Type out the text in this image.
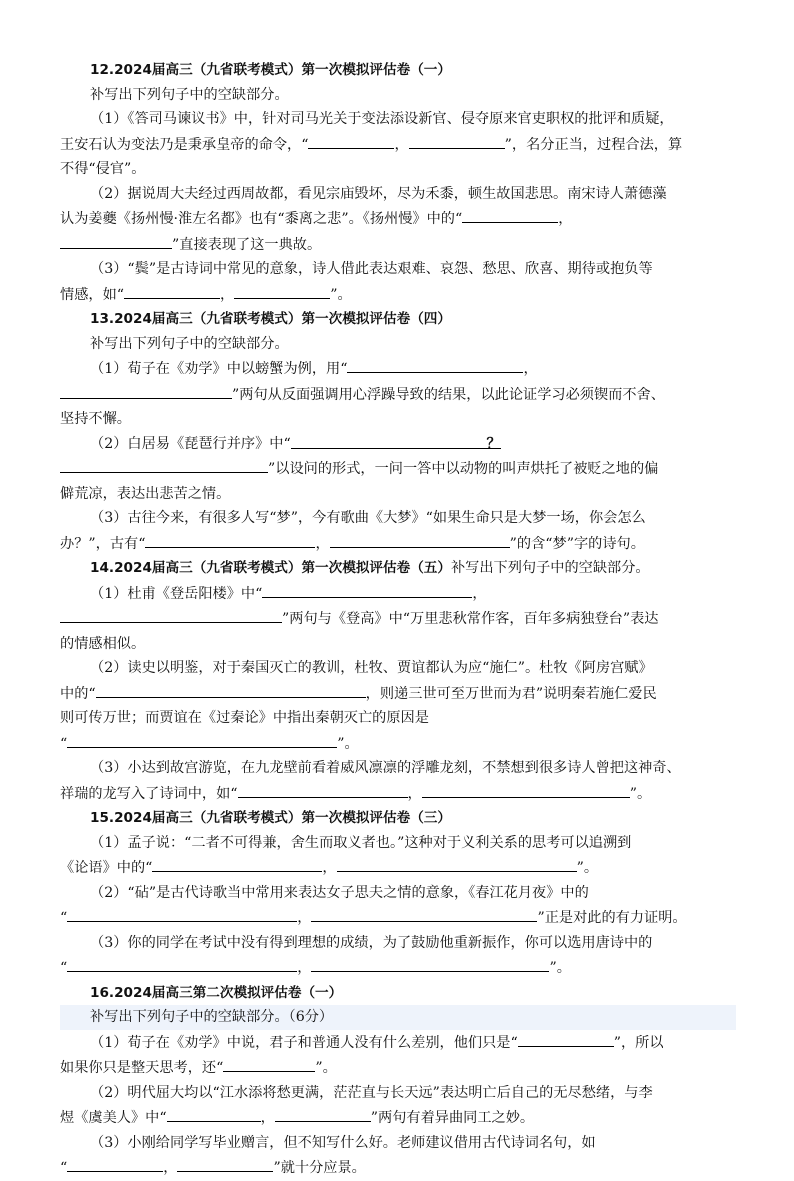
12.2024届高三（九省联考模式）第一次模拟评估卷（一）

补写出下列句子中的空缺部分。

（1）《答司马谏议书》中，针对司马光关于变法添设新官、侵夺原来官吏职权的批评和质疑，

王安石认为变法乃是秉承皇帝的命令，“	，	”，名分正当，过程合法，算

不得“侵官”。

（2）据说周大夫经过西周故都，看见宗庙毁坏，尽为禾黍，顿生故国悲思。南宋诗人萧德藻

认为姜夔《扬州慢·淮左名都》也有“黍离之悲”。《扬州慢》中的“	，

”直接表现了这一典故。

（3）“鬓”是古诗词中常见的意象，诗人借此表达艰难、哀怨、愁思、欣喜、期待或抱负等

情感，如“	，	”。

13.2024届高三（九省联考模式）第一次模拟评估卷（四）

补写出下列句子中的空缺部分。

（1）荀子在《劝学》中以螃蟹为例，用“	，

”两句从反面强调用心浮躁导致的结果，以此论证学习必须锲而不舍、

坚持不懈。

（2）白居易《琵琶行并序》中“	？

”以设问的形式，一问一答中以动物的叫声烘托了被贬之地的偏

僻荒凉，表达出悲苦之情。

（3）古往今来，有很多人写“梦”，今有歌曲《大梦》“如果生命只是大梦一场，你会怎么

办？”，古有“	，	”的含“梦”字的诗句。

14.2024届高三（九省联考模式）第一次模拟评估卷（五）补写出下列句子中的空缺部分。

（1）杜甫《登岳阳楼》中“	，

”两句与《登高》中“万里悲秋常作客，百年多病独登台”表达

的情感相似。

（2）读史以明鉴，对于秦国灭亡的教训，杜牧、贾谊都认为应“施仁”。杜牧《阿房宫赋》

中的“	，则递三世可至万世而为君”说明秦若施仁爱民

则可传万世；而贾谊在《过秦论》中指出秦朝灭亡的原因是

“	”。

（3）小达到故宫游览，在九龙壁前看着威风凛凛的浮雕龙刻，不禁想到很多诗人曾把这神奇、

祥瑞的龙写入了诗词中，如“	，	”。

15.2024届高三（九省联考模式）第一次模拟评估卷（三）

（1）孟子说：“二者不可得兼，舍生而取义者也。”这种对于义利关系的思考可以追溯到

《论语》中的“	，	”。

（2）“砧”是古代诗歌当中常用来表达女子思夫之情的意象，《春江花月夜》中的

“	，	”正是对此的有力证明。

（3）你的同学在考试中没有得到理想的成绩，为了鼓励他重新振作，你可以选用唐诗中的

“	，	”。

16.2024届高三第二次模拟评估卷（一）

补写出下列句子中的空缺部分。（6分）

（1）荀子在《劝学》中说，君子和普通人没有什么差别，他们只是“	”，所以

如果你只是整天思考，还“	”。

（2）明代屈大均以“江水添将愁更满，茫茫直与长天远”表达明亡后自己的无尽愁绪，与李

煜《虞美人》中“	，	”两句有着异曲同工之妙。

（3）小刚给同学写毕业赠言，但不知写什么好。老师建议借用古代诗词名句，如

“	，	”就十分应景。
